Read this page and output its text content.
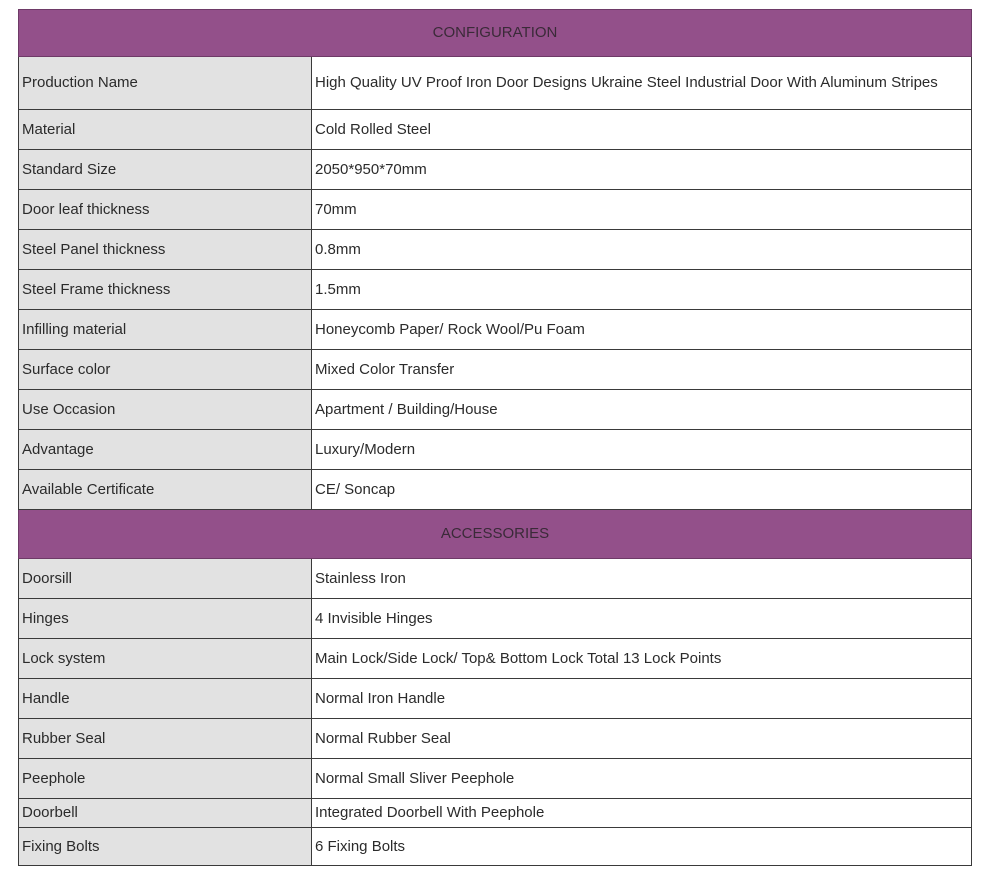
CONFIGURATION	
Production Name	High Quality UV Proof Iron Door Designs Ukraine Steel Industrial Door With Aluminum Stripes
Material	Cold Rolled Steel
Standard Size	2050*950*70mm
Door leaf thickness	70mm
Steel Panel thickness	0.8mm
Steel Frame thickness	1.5mm
Infilling material	Honeycomb Paper/ Rock Wool/Pu Foam
Surface color	Mixed Color Transfer
Use Occasion	Apartment / Building/House
Advantage	Luxury/Modern
Available Certificate	CE/ Soncap
ACCESSORIES	
Doorsill	Stainless Iron
Hinges	4 Invisible Hinges
Lock system	Main Lock/Side Lock/ Top& Bottom Lock Total 13 Lock Points
Handle	Normal Iron Handle
Rubber Seal	Normal Rubber Seal
Peephole	Normal Small Sliver Peephole
Doorbell	Integrated Doorbell With Peephole
Fixing Bolts	6 Fixing Bolts
